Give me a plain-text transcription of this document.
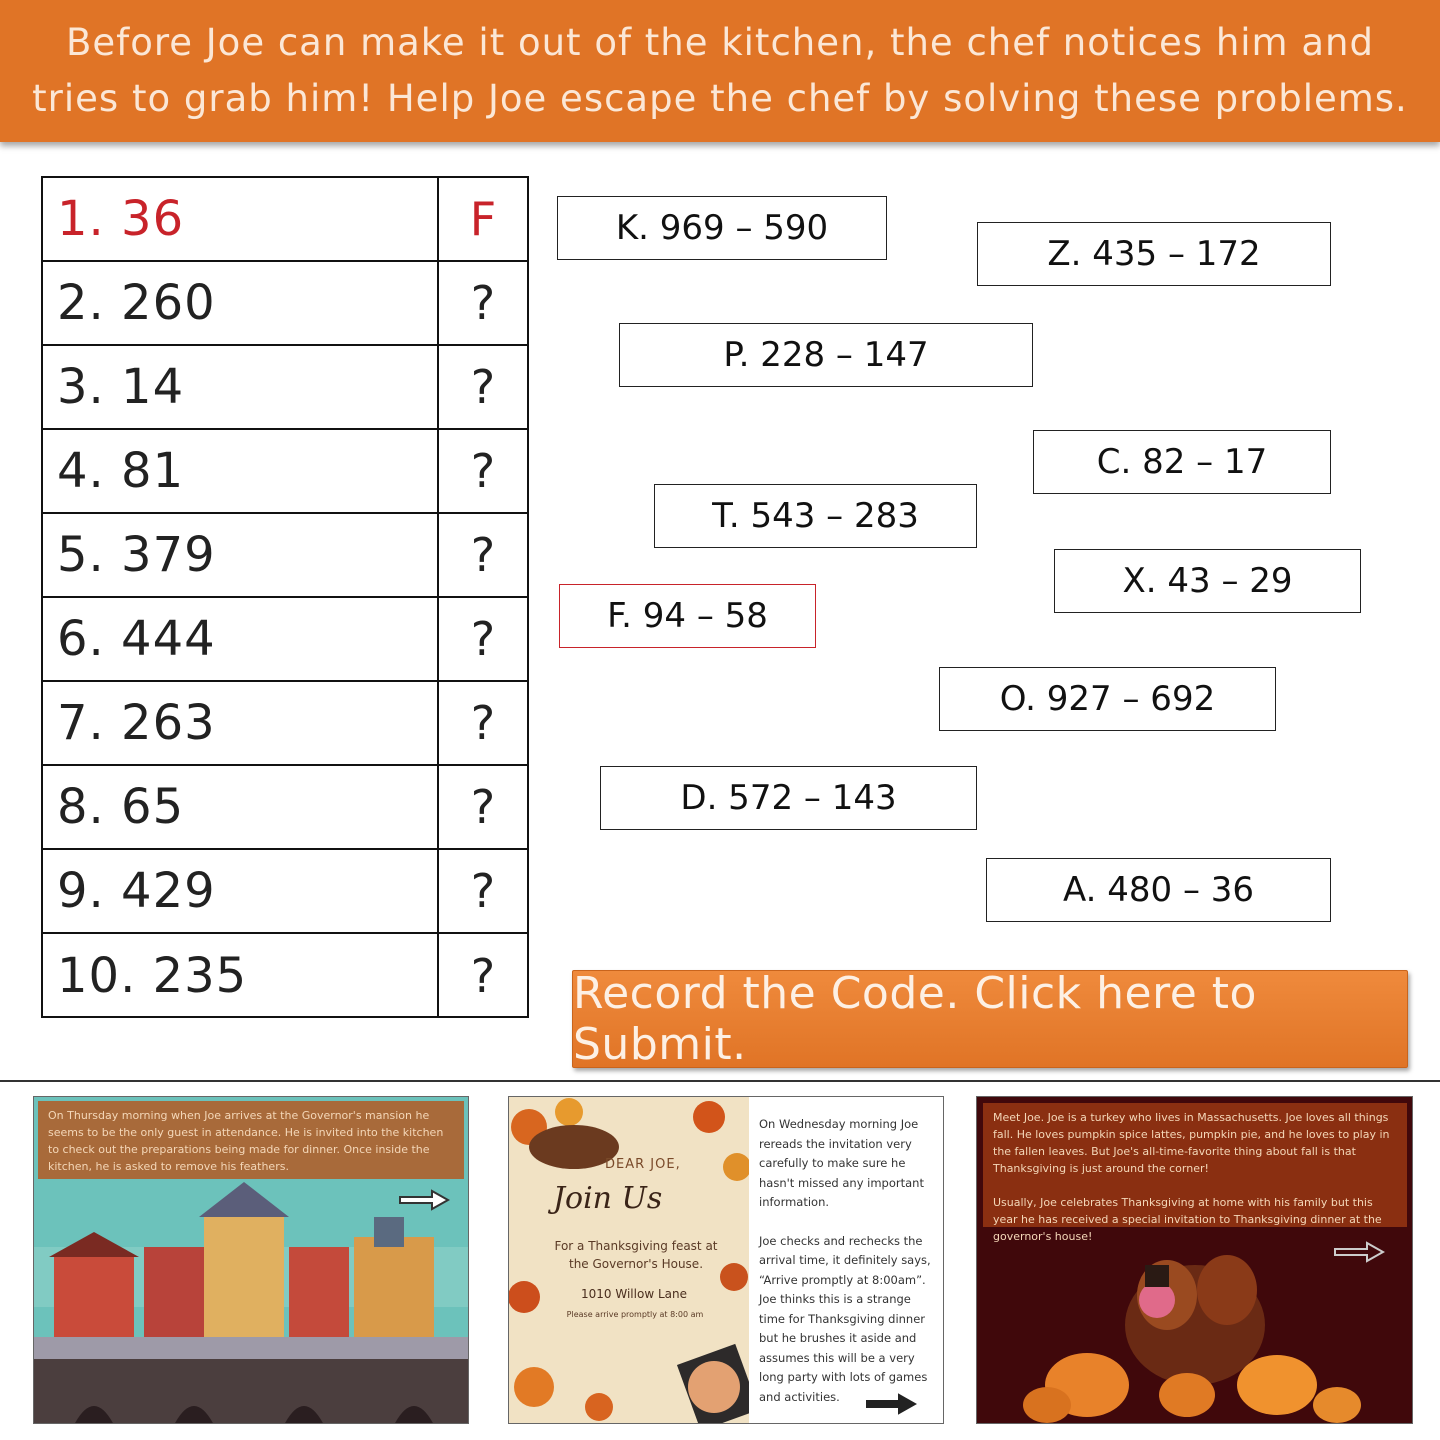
Before Joe can make it out of the kitchen, the chef notices him and tries to grab him! Help Joe escape the chef by solving these problems.
1. 36	F
2. 260	?
3. 14	?
4. 81	?
5. 379	?
6. 444	?
7. 263	?
8. 65	?
9. 429	?
10. 235	?
K. 969 – 590
Z. 435 – 172
P. 228 – 147
C. 82 – 17
T. 543 – 283
X. 43 – 29
F. 94 – 58
O. 927 – 692
D. 572 – 143
A. 480 – 36
Record the Code. Click here to Submit.
On Thursday morning when Joe arrives at the Governor's mansion he seems to be the only guest in attendance. He is invited into the kitchen to check out the preparations being made for dinner. Once inside the kitchen, he is asked to remove his feathers.	DEAR JOE,
Join Us
For a Thanksgiving feast at the Governor's House.
1010 Willow Lane
Please arrive promptly at 8:00 am

On Wednesday morning Joe rereads the invitation very carefully to make sure he hasn't missed any important information.

Joe checks and rechecks the arrival time, it definitely says, “Arrive promptly at 8:00am”. Joe thinks this is a strange time for Thanksgiving dinner but he brushes it aside and assumes this will be a very long party with lots of games and activities.

Meet Joe. Joe is a turkey who lives in Massachusetts. Joe loves all things fall. He loves pumpkin spice lattes, pumpkin pie, and he loves to play in the fallen leaves. But Joe's all-time-favorite thing about fall is that Thanksgiving is just around the corner!

Usually, Joe celebrates Thanksgiving at home with his family but this year he has received a special invitation to Thanksgiving dinner at the governor's house!
